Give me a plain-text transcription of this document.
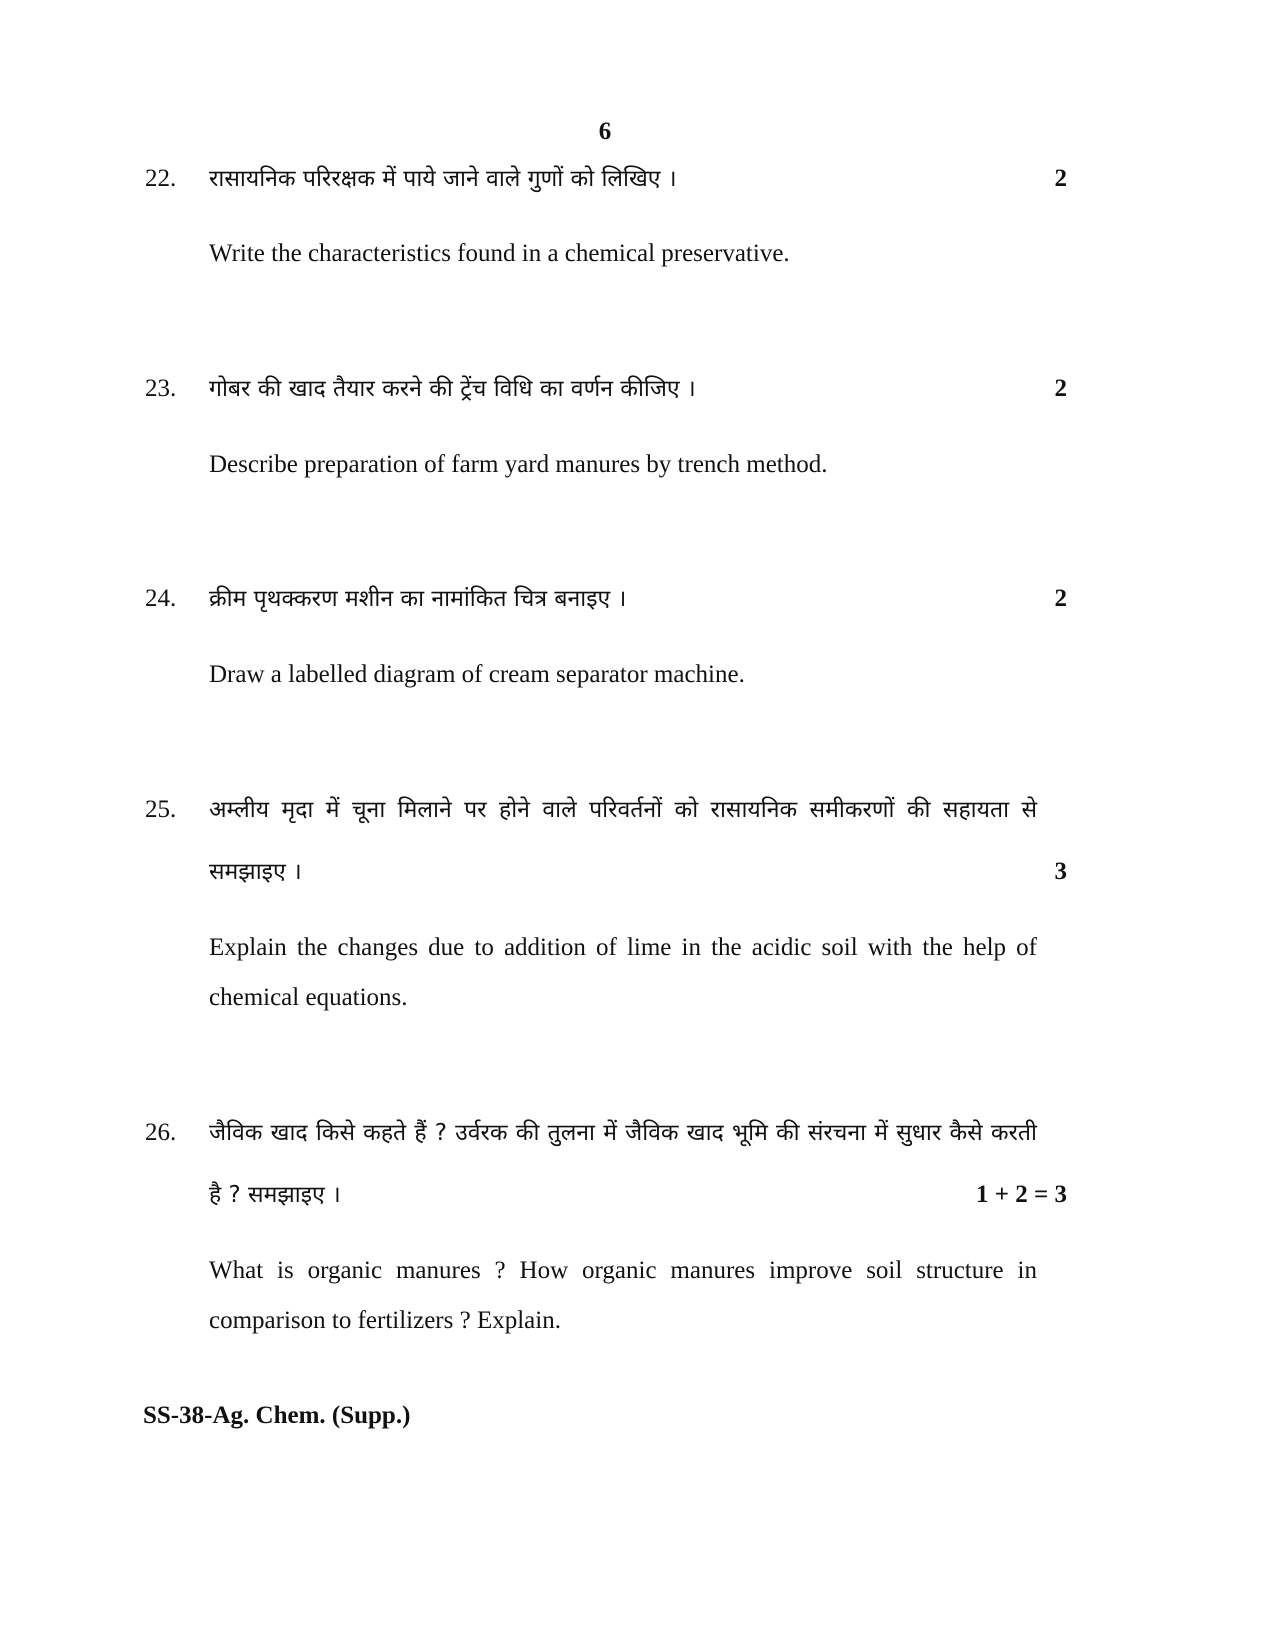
6
22. रासायनिक परिरक्षक में पाये जाने वाले गुणों को लिखिए ।	2
Write the characteristics found in a chemical preservative.
23. गोबर की खाद तैयार करने की ट्रेंच विधि का वर्णन कीजिए ।	2
Describe preparation of farm yard manures by trench method.
24. क्रीम पृथक्करण मशीन का नामांकित चित्र बनाइए ।	2
Draw a labelled diagram of cream separator machine.
25. अम्लीय मृदा में चूना मिलाने पर होने वाले परिवर्तनों को रासायनिक समीकरणों की सहायता से
समझाइए ।	3
Explain the changes due to addition of lime in the acidic soil with the help of
chemical equations.
26. जैविक खाद किसे कहते हैं ? उर्वरक की तुलना में जैविक खाद भूमि की संरचना में सुधार कैसे करती
है ? समझाइए ।	1 + 2 = 3
What is organic manures ? How organic manures improve soil structure in
comparison to fertilizers ? Explain.
SS-38-Ag. Chem. (Supp.)
